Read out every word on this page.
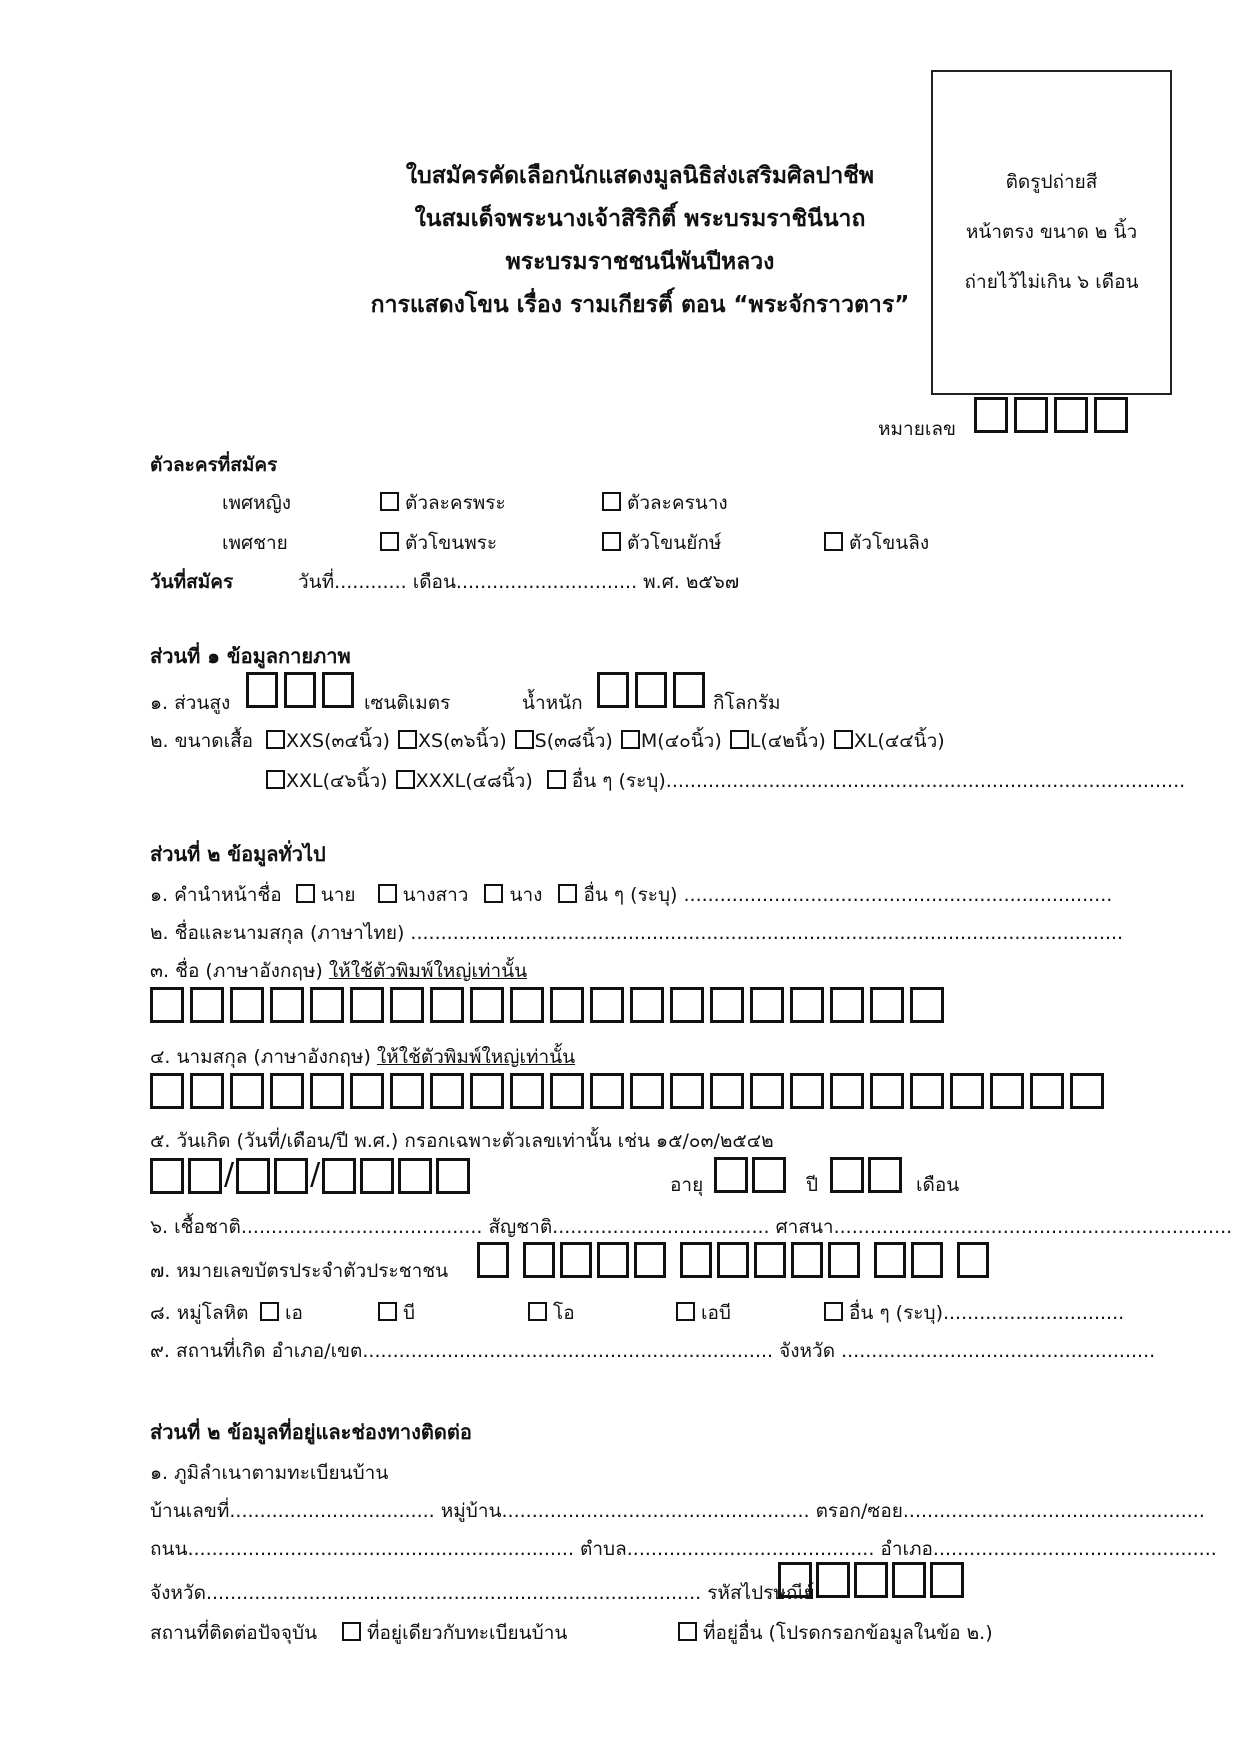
ใบสมัครคัดเลือกนักแสดงมูลนิธิส่งเสริมศิลปาชีพ
ในสมเด็จพระนางเจ้าสิริกิติ์ พระบรมราชินีนาถ
พระบรมราชชนนีพันปีหลวง
การแสดงโขน เรื่อง รามเกียรติ์ ตอน “พระจักราวตาร”
ติดรูปถ่ายสี
หน้าตรง ขนาด ๒ นิ้ว
ถ่ายไว้ไม่เกิน ๖ เดือน
หมายเลข
ตัวละครที่สมัคร
เพศหญิง	ตัวละครพระ	ตัวละครนาง
เพศชาย	ตัวโขนพระ	ตัวโขนยักษ์	ตัวโขนลิง
วันที่สมัคร	วันที่............ เดือน.............................. พ.ศ. ๒๕๖๗
ส่วนที่ ๑ ข้อมูลกายภาพ
๑. ส่วนสูง	เซนติเมตร	น้ำหนัก	กิโลกรัม
๒. ขนาดเสื้อ	XXS(๓๔นิ้ว) XS(๓๖นิ้ว) S(๓๘นิ้ว) M(๔๐นิ้ว) L(๔๒นิ้ว) XL(๔๔นิ้ว)
XXL(๔๖นิ้ว) XXXL(๔๘นิ้ว) อื่น ๆ (ระบุ)......................................................................................
ส่วนที่ ๒ ข้อมูลทั่วไป
๑. คำนำหน้าชื่อ นาย นางสาว นาง อื่น ๆ (ระบุ) .......................................................................
๒. ชื่อและนามสกุล (ภาษาไทย) ......................................................................................................................
๓. ชื่อ (ภาษาอังกฤษ) ให้ใช้ตัวพิมพ์ใหญ่เท่านั้น
๔. นามสกุล (ภาษาอังกฤษ) ให้ใช้ตัวพิมพ์ใหญ่เท่านั้น
๕. วันเกิด (วันที่/เดือน/ปี พ.ศ.) กรอกเฉพาะตัวเลขเท่านั้น เช่น ๑๕/๐๓/๒๕๔๒
/	/	อายุ	ปี	เดือน
๖. เชื้อชาติ........................................ สัญชาติ.................................... ศาสนา..................................................................
๗. หมายเลขบัตรประจำตัวประชาชน
๘. หมู่โลหิต	เอ	บี	โอ	เอบี	อื่น ๆ (ระบุ)..............................
๙. สถานที่เกิด อำเภอ/เขต.................................................................... จังหวัด ....................................................
ส่วนที่ ๒ ข้อมูลที่อยู่และช่องทางติดต่อ
๑. ภูมิลำเนาตามทะเบียนบ้าน
บ้านเลขที่.................................. หมู่บ้าน................................................... ตรอก/ซอย..................................................
ถนน................................................................ ตำบล......................................... อำเภอ...............................................
จังหวัด.................................................................................. รหัสไปรษณีย์
สถานที่ติดต่อปัจจุบัน	ที่อยู่เดียวกับทะเบียนบ้าน	ที่อยู่อื่น (โปรดกรอกข้อมูลในข้อ ๒.)
